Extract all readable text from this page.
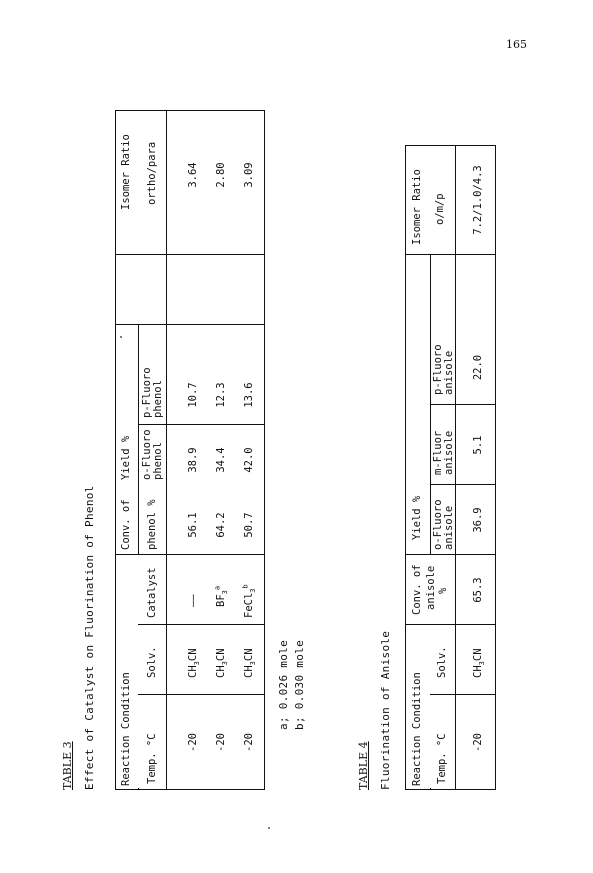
165
TABLE 3 Effect of Catalyst on Fluorination of Phenol Reaction Condition Temp. °C
Solv.
Catalyst
Conv. of phenol %
Yield % o-Fluoro phenol
p-Fluoro phenol
Isomer Ratio ortho/para
-20
$CH_3CN$
——
56.1
38.9
10.7
3.64
-20
$CH_3CN$
$BF_3^a$
64.2
34.4
12.3
2.80
-20
$CH_3CN$
FeCl$_3^b$
50.7
42.0
13.6
3.09
a; 0.026 mole b; 0.030 mole
TABLE 4 Fluorination of Anisole Reaction Condition Temp. °C
Solv.
Conv. of anisole %
Yield % o-Fluoro anisole
m-Fluor anisole
p-Fluoro anisole
Isomer Ratio o/m/p
-20
$CH_3CN$
65.3
36.9
5.1
22.0
7.2/1.0/4.3
